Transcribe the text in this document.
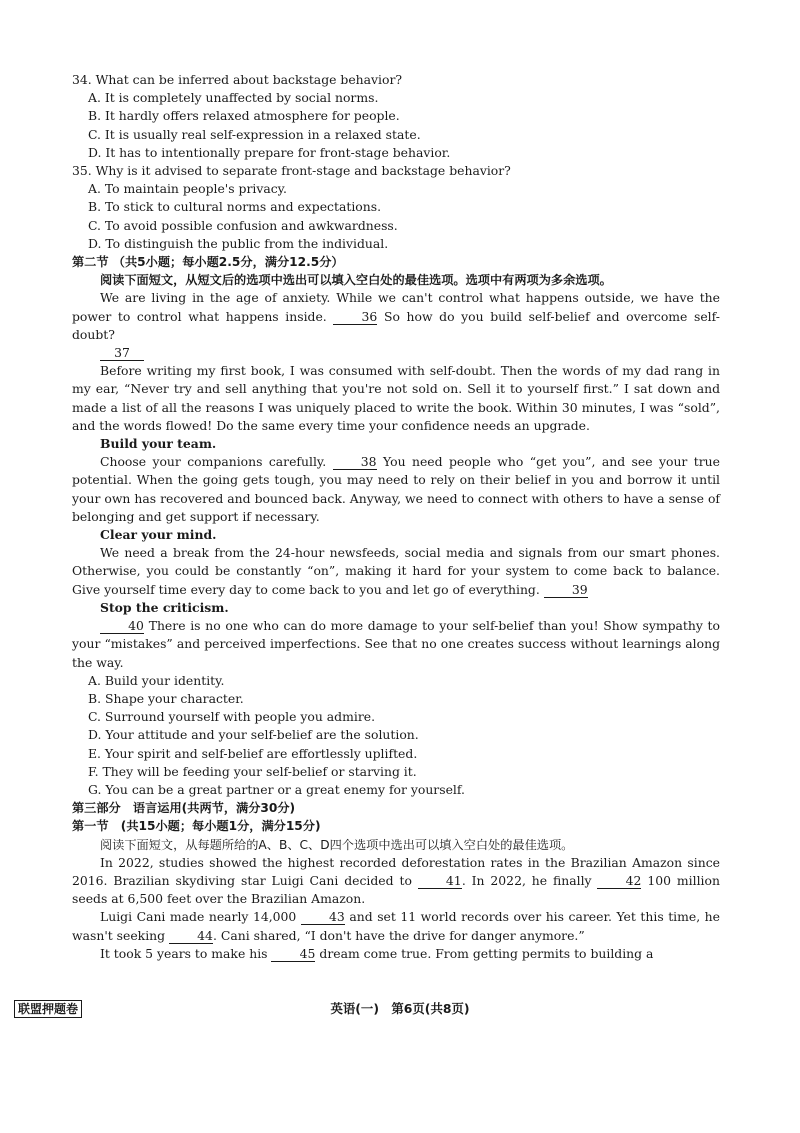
34. What can be inferred about backstage behavior?

A. It is completely unaffected by social norms.

B. It hardly offers relaxed atmosphere for people.

C. It is usually real self-expression in a relaxed state.

D. It has to intentionally prepare for front-stage behavior.

35. Why is it advised to separate front-stage and backstage behavior?

A. To maintain people's privacy.

B. To stick to cultural norms and expectations.

C. To avoid possible confusion and awkwardness.

D. To distinguish the public from the individual.

第二节 （共5小题；每小题2.5分，满分12.5分）

阅读下面短文，从短文后的选项中选出可以填入空白处的最佳选项。选项中有两项为多余选项。

We are living in the age of anxiety. While we can't control what happens outside, we have the power to control what happens inside.	36 So how do you build self-belief and overcome self-doubt?

37

Before writing my first book, I was consumed with self-doubt. Then the words of my dad rang in my ear, “Never try and sell anything that you're not sold on. Sell it to yourself first.” I sat down and made a list of all the reasons I was uniquely placed to write the book. Within 30 minutes, I was “sold”, and the words flowed! Do the same every time your confidence needs an upgrade.

Build your team.

Choose your companions carefully.	38 You need people who “get you”, and see your true potential. When the going gets tough, you may need to rely on their belief in you and borrow it until your own has recovered and bounced back. Anyway, we need to connect with others to have a sense of belonging and get support if necessary.

Clear your mind.

We need a break from the 24-hour newsfeeds, social media and signals from our smart phones. Otherwise, you could be constantly “on”, making it hard for your system to come back to balance. Give yourself time every day to come back to you and let go of everything.	39

Stop the criticism.

40 There is no one who can do more damage to your self-belief than you! Show sympathy to your “mistakes” and perceived imperfections. See that no one creates success without learnings along the way.

A. Build your identity.

B. Shape your character.

C. Surround yourself with people you admire.

D. Your attitude and your self-belief are the solution.

E. Your spirit and self-belief are effortlessly uplifted.

F. They will be feeding your self-belief or starving it.

G. You can be a great partner or a great enemy for yourself.

第三部分　语言运用(共两节，满分30分)

第一节　(共15小题；每小题1分，满分15分)

阅读下面短文，从每题所给的A、B、C、D四个选项中选出可以填入空白处的最佳选项。

In 2022, studies showed the highest recorded deforestation rates in the Brazilian Amazon since 2016. Brazilian skydiving star Luigi Cani decided to	41. In 2022, he finally	42 100 million seeds at 6,500 feet over the Brazilian Amazon.

Luigi Cani made nearly 14,000	43 and set 11 world records over his career. Yet this time, he wasn't seeking	44. Cani shared, “I don't have the drive for danger anymore.”

It took 5 years to make his	45 dream come true. From getting permits to building a

联盟押题卷	英语(一)　第6页(共8页)
